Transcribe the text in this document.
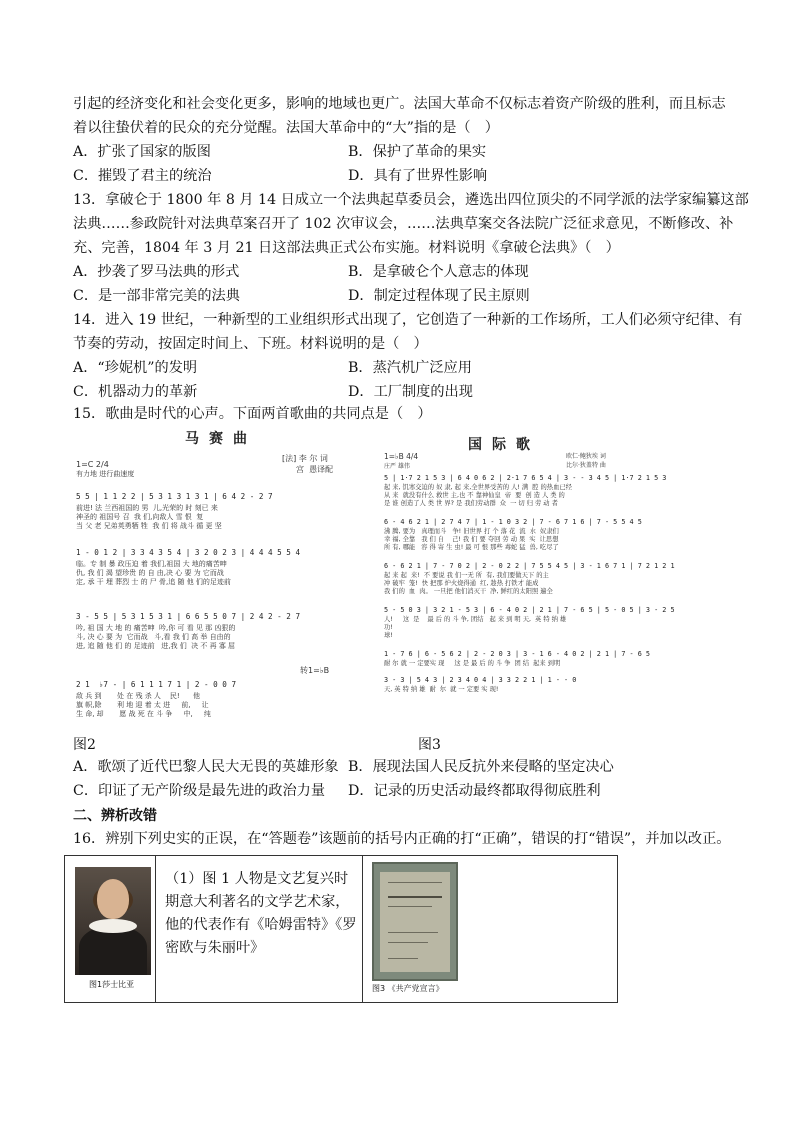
引起的经济变化和社会变化更多，影响的地域也更广。法国大革命不仅标志着资产阶级的胜利，而且标志
着以往蛰伏着的民众的充分觉醒。法国大革命中的“大”指的是（　）
A．扩张了国家的版图	B．保护了革命的果实
C．摧毁了君主的统治	D．具有了世界性影响
13．拿破仑于 1800 年 8 月 14 日成立一个法典起草委员会，遴选出四位顶尖的不同学派的法学家编纂这部
法典……参政院针对法典草案召开了 102 次审议会，……法典草案交各法院广泛征求意见，不断修改、补
充、完善，1804 年 3 月 21 日这部法典正式公布实施。材料说明《拿破仑法典》（　）
A．抄袭了罗马法典的形式	B．是拿破仑个人意志的体现
C．是一部非常完美的法典	D．制定过程体现了民主原则
14．进入 19 世纪，一种新型的工业组织形式出现了，它创造了一种新的工作场所，工人们必须守纪律、有
节奏的劳动，按固定时间上、下班。材料说明的是（　）
A．“珍妮机”的发明	B．蒸汽机广泛应用
C．机器动力的革新	D．工厂制度的出现
15．歌曲是时代的心声。下面两首歌曲的共同点是（　）
马赛曲
1=C 2/4
有力地 进行曲速度
[法] 李 尔 词
宫  愚译配
5 5 | 1 1 2 2 | 5 3 1 3 1 3 1 | 6 4 2 - 2 7
前进! 法 兰西祖国的 男  儿,光荣的 时 刻已 来
神圣的 祖国号 召  我 们,向敌人 雪 恨  复
当 父 老 兄弟英勇牺 牲  我 们 将 战斗 循 更 坚
1 - 0 1 2 | 3 3 4 3 5 4 | 3 2 0 2 3 | 4 4 4 5 5 4
临。专 制 暴 政压迫 着 我们,祖国 大 地的痛苦呻
仇, 我 们 渴 望珍贵 的 自 由,决 心 要 为 它而战
定, 承 干 埋 葬烈 士 的 尸 骨,追 随 他 们的足迹前
3 - 5 5 | 5 3 1 5 3 1 | 6 6 5 5 0 7 | 2 4 2 - 2 7
吟, 祖 国 大 地 的 痛苦呻  吟,你 可 看 见 那 凶狠的
斗, 决 心 要 为  它而战   斗,看 我 们 高 举 自由的
进, 追 随 他 们 的 足迹前   进,我 们  决 不 再 寡 屈
转1=♭B
2 1  ♭7 - | 6 1 1 1 7 1 | 2 - 0 0 7
敌 兵 到       处 在 残 杀 人    民!      他
旗 帜,除       利 地 迎 着 太 进     前,     让
生 命, 却       愿 战 死 在 斗 争     中,     纯
图2
国际歌
1=♭B 4/4
庄严 雄伟
欧仁·鲍狄埃 词
比尔·狄盖特 曲
5 | 1·7 2 1 5 3 | 6 4 0 6 2 | 2·1 7 6 5 4 | 3 - - 3 4 5 | 1·7 2 1 5 3
起 来, 饥寒交迫的 奴 隶, 起 来,全世界受苦的 人! 满  腔 的热血已经
从 来  就没有什么 救世 主,也 不 靠神仙皇  帝  要  创 造 人 类 的
是 谁 创造了人 类 世 界? 是 我们劳动群  众  一 切 归 劳 动 者
6 - 4 6 2 1 | 2 7 4 7 | 1 - 1 0 3 2 | 7 - 6 7 1 6 | 7 - 5 5 4 5
沸 腾, 要为   真理而斗   争! 旧世界 打 个 落 花  流  水  奴隶们
幸 福, 全靠   我 们 自    己! 我 们 要 夺回 劳 动 果  实  让思想
所 有, 哪能   容 得 寄 生 虫! 最 可 恨 那些 毒蛇 猛  兽, 吃尽了
6 - 6 2 1 | 7 - 7 0 2 | 2 - 0 2 2 | 7 5 5 4 5 | 3 - 1 6 7 1 | 7 2 1 2 1
起 来 起  来!  不 要说 我 们一无 所  有, 我们要做天下 的主
冲 破牢  笼!  快 把那 炉火烧得通  红, 趁热 打铁才 能成
我 们的  血  肉。 一旦把 他们消灭干  净, 鲜红的太阳照 遍全
5 - 5 0 3 | 3 2 1 - 5 3 | 6 - 4 0 2 | 2 1 | 7 - 6 5 | 5 - 0 5 | 3 - 2 5
人!     这  是    最 后 的 斗 争, 团结   起 来 到 明 天,  英 特 纳 雄
功!
球!
1 - 7 6 | 6 - 5 6 2 | 2 - 2 0 3 | 3 - 1 6 - 4 0 2 | 2 1 | 7 - 6 5
耐 尔 就 一 定要实 现     这 是 最 后 的 斗 争  团 结  起来 到明
3 - 3 | 5 4 3 | 2 3 4 0 4 | 3 3 2 2 1 | 1 - - 0
天, 英 特 纳 雄  耐  尔  就 一 定要 实 现!
图3
A．歌颂了近代巴黎人民大无畏的英雄形象 B．展现法国人民反抗外来侵略的坚定决心
C．印证了无产阶级是最先进的政治力量 D．记录的历史活动最终都取得彻底胜利
二、辨析改错
16．辨别下列史实的正误，在“答题卷”该题前的括号内正确的打“正确”，错误的打“错误”，并加以改正。
图1莎士比亚

（1）图 1 人物是文艺复兴时期意大利著名的文学艺术家，他的代表作有《哈姆雷特》《罗密欧与朱丽叶》

图3 《共产党宣言》
